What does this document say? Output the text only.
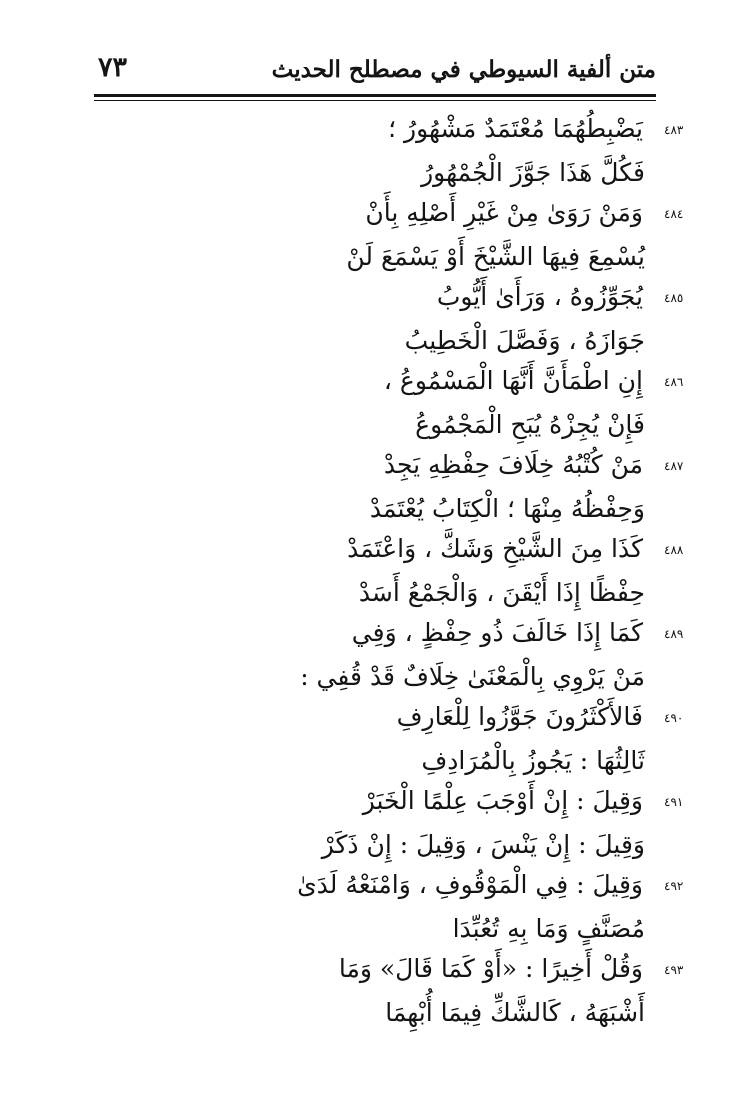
متن ألفية السيوطي في مصطلح الحديث
٧٣
٤٨٣
يَضْبِطُهُمَا مُعْتَمَدٌ مَشْهُورُ ؛
فَكُلَّ هَذَا جَوَّزَ الْجُمْهُورُ
٤٨٤
وَمَنْ رَوَىٰ مِنْ غَيْرِ أَصْلِهِ بِأَنْ
يُسْمِعَ فِيهَا الشَّيْخَ أَوْ يَسْمَعَ لَنْ
٤٨٥
يُجَوِّزُوهُ ، وَرَأَىٰ أَيُّوبُ
جَوَازَهُ ، وَفَصَّلَ الْخَطِيبُ
٤٨٦
إِنِ اطْمَأَنَّ أَنَّهَا الْمَسْمُوعُ ،
فَإِنْ يُجِزْهُ يُبَحِ الْمَجْمُوعُ
٤٨٧
مَنْ كُتْبُهُ خِلَافَ حِفْظِهِ يَجِدْ
وَحِفْظُهُ مِنْهَا ؛ الْكِتَابُ يُعْتَمَدْ
٤٨٨
كَذَا مِنَ الشَّيْخِ وَشَكَّ ، وَاعْتَمَدْ
حِفْظًا إِذَا أَيْقَنَ ، وَالْجَمْعُ أَسَدْ
٤٨٩
كَمَا إِذَا خَالَفَ ذُو حِفْظٍ ، وَفِي
مَنْ يَرْوِي بِالْمَعْنَىٰ خِلَافٌ قَدْ قُفِي :
٤٩٠
فَالأَكْثَرُونَ جَوَّزُوا لِلْعَارِفِ
ثَالِثُهَا : يَجُوزُ بِالْمُرَادِفِ
٤٩١
وَقِيلَ : إِنْ أَوْجَبَ عِلْمًا الْخَبَرْ
وَقِيلَ : إِنْ يَنْسَ ، وَقِيلَ : إِنْ ذَكَرْ
٤٩٢
وَقِيلَ : فِي الْمَوْقُوفِ ، وَامْنَعْهُ لَدَىٰ
مُصَنَّفٍ وَمَا بِهِ تُعُبِّدَا
٤٩٣
وَقُلْ أَخِيرًا : «أَوْ كَمَا قَالَ» وَمَا
أَشْبَهَهُ ، كَالشَّكِّ فِيمَا أُبْهِمَا
